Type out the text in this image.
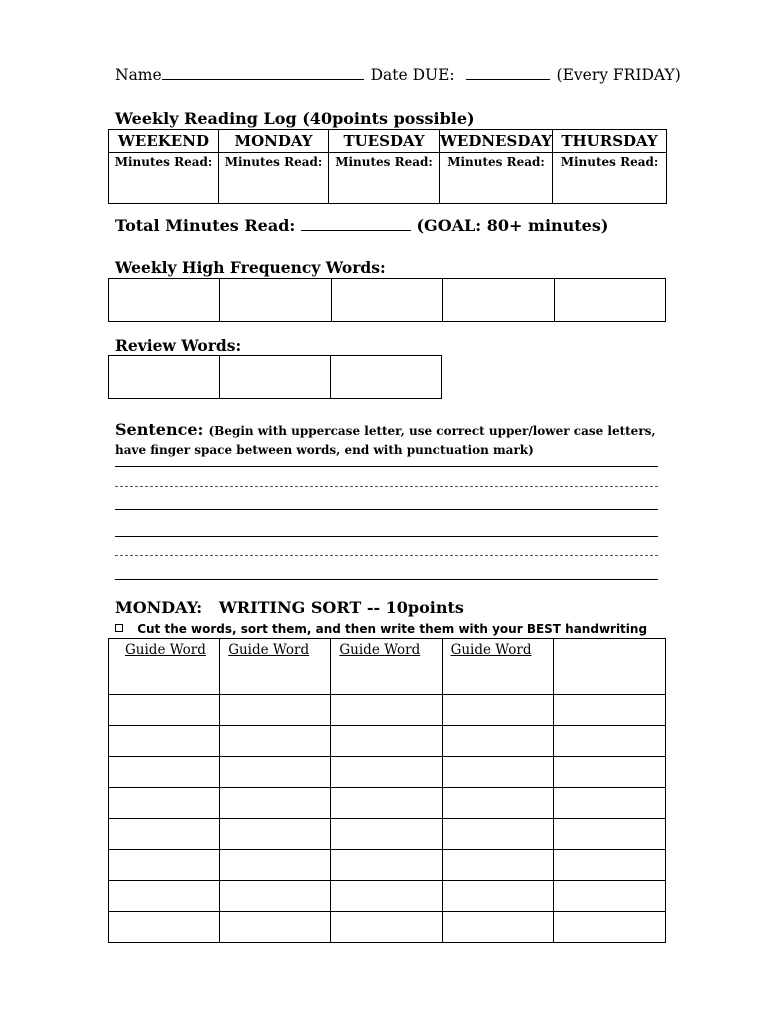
Name	Date DUE:	(Every FRIDAY)
Weekly Reading Log (40points possible)
WEEKEND	MONDAY	TUESDAY	WEDNESDAY	THURSDAY
Minutes Read:	Minutes Read:	Minutes Read:	Minutes Read:	Minutes Read:
Total Minutes Read:	(GOAL: 80+ minutes)
Weekly High Frequency Words:

Review Words:

Sentence: (Begin with uppercase letter, use correct upper/lower case letters, have finger space between words, end with punctuation mark)
MONDAY:   WRITING SORT -- 10points
Cut the words, sort them, and then write them with your BEST handwriting
Guide Word	Guide Word	Guide Word	Guide Word	
